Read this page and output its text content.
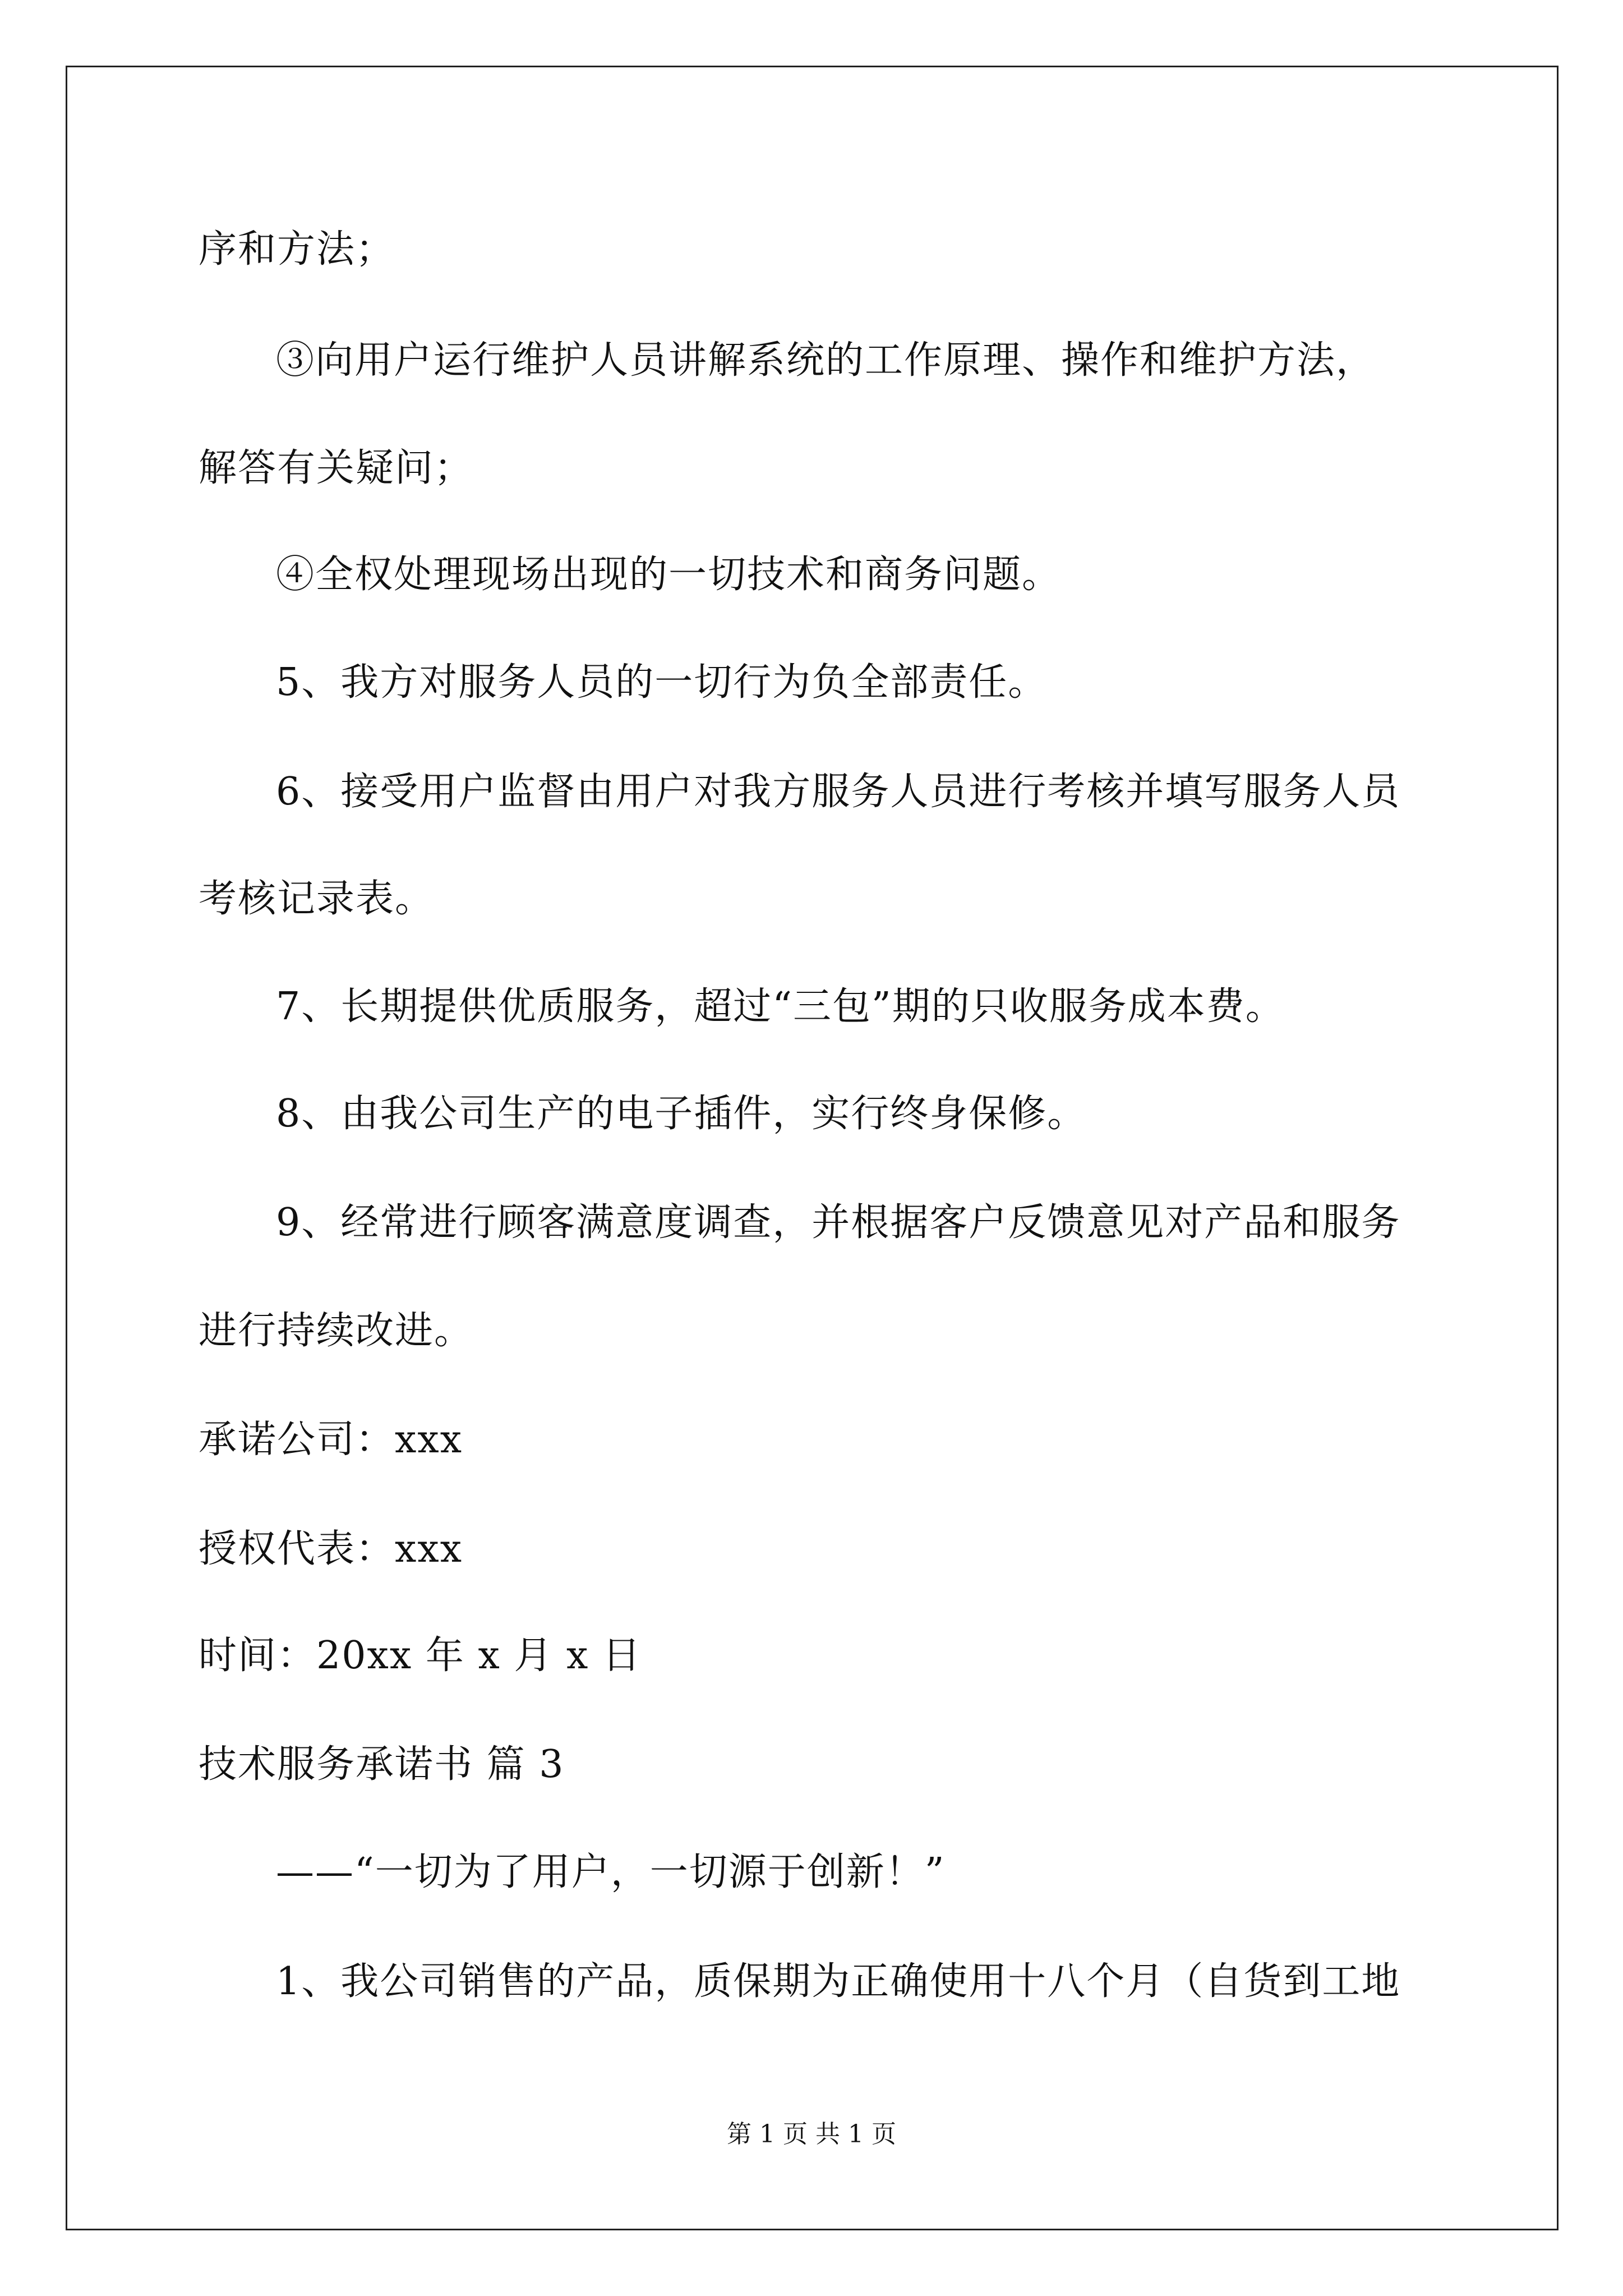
序和方法；
③向用户运行维护人员讲解系统的工作原理、操作和维护方法，
解答有关疑问；
④全权处理现场出现的一切技术和商务问题。
5、我方对服务人员的一切行为负全部责任。
6、接受用户监督由用户对我方服务人员进行考核并填写服务人员
考核记录表。
7、长期提供优质服务，超过“三包”期的只收服务成本费。
8、由我公司生产的电子插件，实行终身保修。
9、经常进行顾客满意度调查，并根据客户反馈意见对产品和服务
进行持续改进。
承诺公司：xxx
授权代表：xxx
时间：20xx 年 x 月 x 日
技术服务承诺书 篇 3
——“一切为了用户，一切源于创新！”
1、我公司销售的产品，质保期为正确使用十八个月（自货到工地
第 1 页 共 1 页
